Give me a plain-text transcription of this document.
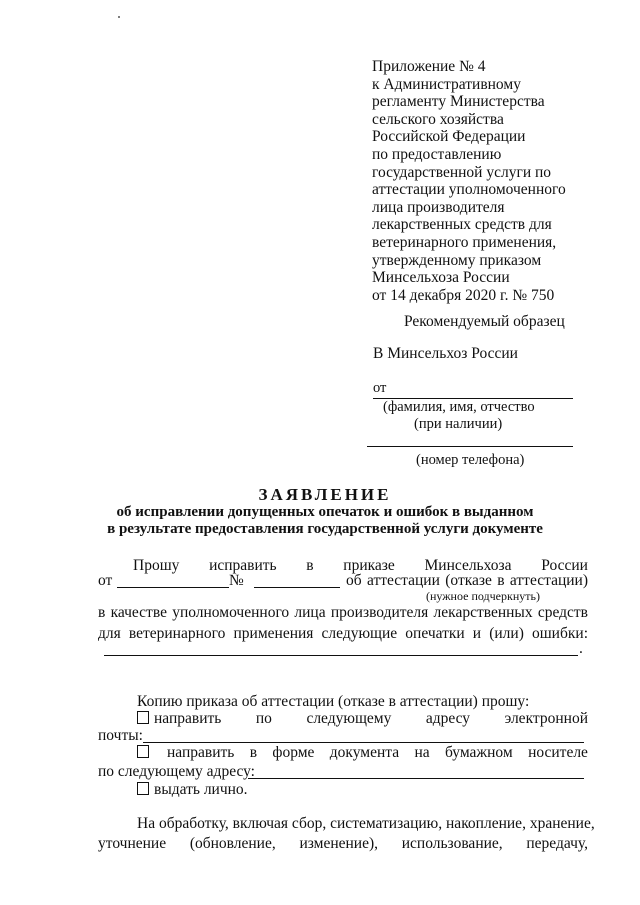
Приложение № 4
к Административному
регламенту Министерства
сельского хозяйства
Российской Федерации
по предоставлению
государственной услуги по
аттестации уполномоченного
лица производителя
лекарственных средств для
ветеринарного применения,
утвержденному приказом
Минсельхоза России
от 14 декабря 2020 г. № 750
Рекомендуемый образец
В Минсельхоз России
от
(фамилия, имя, отчество
(при наличии)
(номер телефона)
ЗАЯВЛЕНИЕ
об исправлении допущенных опечаток и ошибок в выданном
в результате предоставления государственной услуги документе
Прошу исправить в приказе Минсельхоза России
от	№	об аттестации (отказе в аттестации)
(нужное подчеркнуть)
в качестве уполномоченного лица производителя лекарственных средств
для ветеринарного применения следующие опечатки и (или) ошибки:
.
Копию приказа об аттестации (отказе в аттестации) прошу:
направить по следующему адресу электронной
почты:
направить в форме документа на бумажном носителе
по следующему адресу:
выдать лично.
На обработку, включая сбор, систематизацию, накопление, хранение,
уточнение (обновление, изменение), использование, передачу,
